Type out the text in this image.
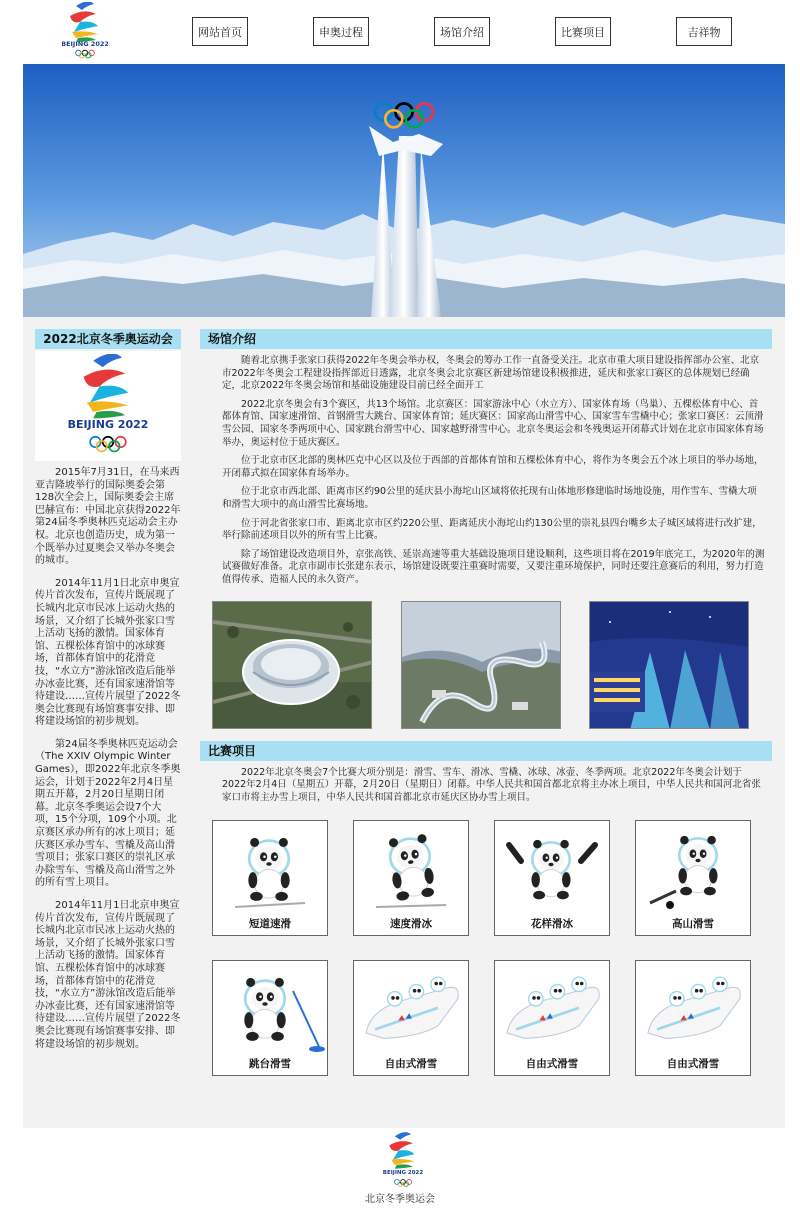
BEIJING 2022
网站首页	申奥过程	场馆介绍	比赛项目	吉祥物
2022北京冬季奥运动会
BEIJING 2022

2015年7月31日，在马来西亚吉隆坡举行的国际奥委会第128次全会上，国际奥委会主席巴赫宣布：中国北京获得2022年第24届冬季奥林匹克运动会主办权。北京也创造历史，成为第一个既举办过夏奥会又举办冬奥会的城市。

2014年11月1日北京申奥宣传片首次发布，宣传片既展现了长城内北京市民冰上运动火热的场景，又介绍了长城外张家口雪上活动飞扬的激情。国家体育馆、五棵松体育馆中的冰球赛场，首都体育馆中的花滑竞技，“水立方”游泳馆改造后能举办冰壶比赛，还有国家速滑馆等待建设……宣传片展望了2022冬奥会比赛现有场馆赛事安排、即将建设场馆的初步规划。

第24届冬季奥林匹克运动会（The XXIV Olympic Winter Games），即2022年北京冬季奥运会，计划于2022年2月4日星期五开幕，2月20日星期日闭幕。北京冬季奥运会设7个大项，15个分项，109个小项。北京赛区承办所有的冰上项目；延庆赛区承办雪车、雪橇及高山滑雪项目；张家口赛区的崇礼区承办除雪车、雪橇及高山滑雪之外的所有雪上项目。

2014年11月1日北京申奥宣传片首次发布，宣传片既展现了长城内北京市民冰上运动火热的场景，又介绍了长城外张家口雪上活动飞扬的激情。国家体育馆、五棵松体育馆中的冰球赛场，首都体育馆中的花滑竞技，“水立方”游泳馆改造后能举办冰壶比赛，还有国家速滑馆等待建设……宣传片展望了2022冬奥会比赛现有场馆赛事安排、即将建设场馆的初步规划。

场馆介绍

随着北京携手张家口获得2022年冬奥会举办权，冬奥会的筹办工作一直备受关注。北京市重大项目建设指挥部办公室、北京市2022年冬奥会工程建设指挥部近日透露，北京冬奥会北京赛区新建场馆建设积极推进，延庆和张家口赛区的总体规划已经确定，北京2022年冬奥会场馆和基础设施建设目前已经全面开工

2022北京冬奥会有3个赛区，共13个场馆。北京赛区：国家游泳中心（水立方）、国家体育场（鸟巢）、五棵松体育中心、首都体育馆、国家速滑馆、首钢滑雪大跳台、国家体育馆；延庆赛区：国家高山滑雪中心、国家雪车雪橇中心；张家口赛区：云顶滑雪公园、国家冬季两项中心、国家跳台滑雪中心、国家越野滑雪中心。北京冬奥运会和冬残奥运开闭幕式计划在北京市国家体育场举办，奥运村位于延庆赛区。

位于北京市区北部的奥林匹克中心区以及位于西部的首都体育馆和五棵松体育中心，将作为冬奥会五个冰上项目的举办场地，开闭幕式拟在国家体育场举办。

位于北京市西北部、距离市区约90公里的延庆县小海坨山区域将依托现有山体地形修建临时场地设施，用作雪车、雪橇大项和滑雪大项中的高山滑雪比赛场地。

位于河北省张家口市、距离北京市区约220公里、距离延庆小海坨山约130公里的崇礼县四台嘴乡太子城区域将进行改扩建，举行除前述项目以外的所有雪上比赛。

除了场馆建设改造项目外，京张高铁、延崇高速等重大基础设施项目建设顺利，这些项目将在2019年底完工，为2020年的测试赛做好准备。北京市副市长张建东表示，场馆建设既要注重赛时需要，又要注重环境保护，同时还要注意赛后的利用，努力打造值得传承、造福人民的永久资产。

比赛项目

2022年北京冬奥会7个比赛大项分别是：滑雪、雪车、滑冰、雪橇、冰球、冰壶、冬季两项。北京2022年冬奥会计划于2022年2月4日（星期五）开幕，2月20日（星期日）闭幕。中华人民共和国首都北京将主办冰上项目，中华人民共和国河北省张家口市将主办雪上项目，中华人民共和国首都北京市延庆区协办雪上项目。

短道速滑	速度滑冰	花样滑冰	高山滑雪
跳台滑雪	自由式滑雪	自由式滑雪	自由式滑雪
BEIJING 2022
北京冬季奥运会
